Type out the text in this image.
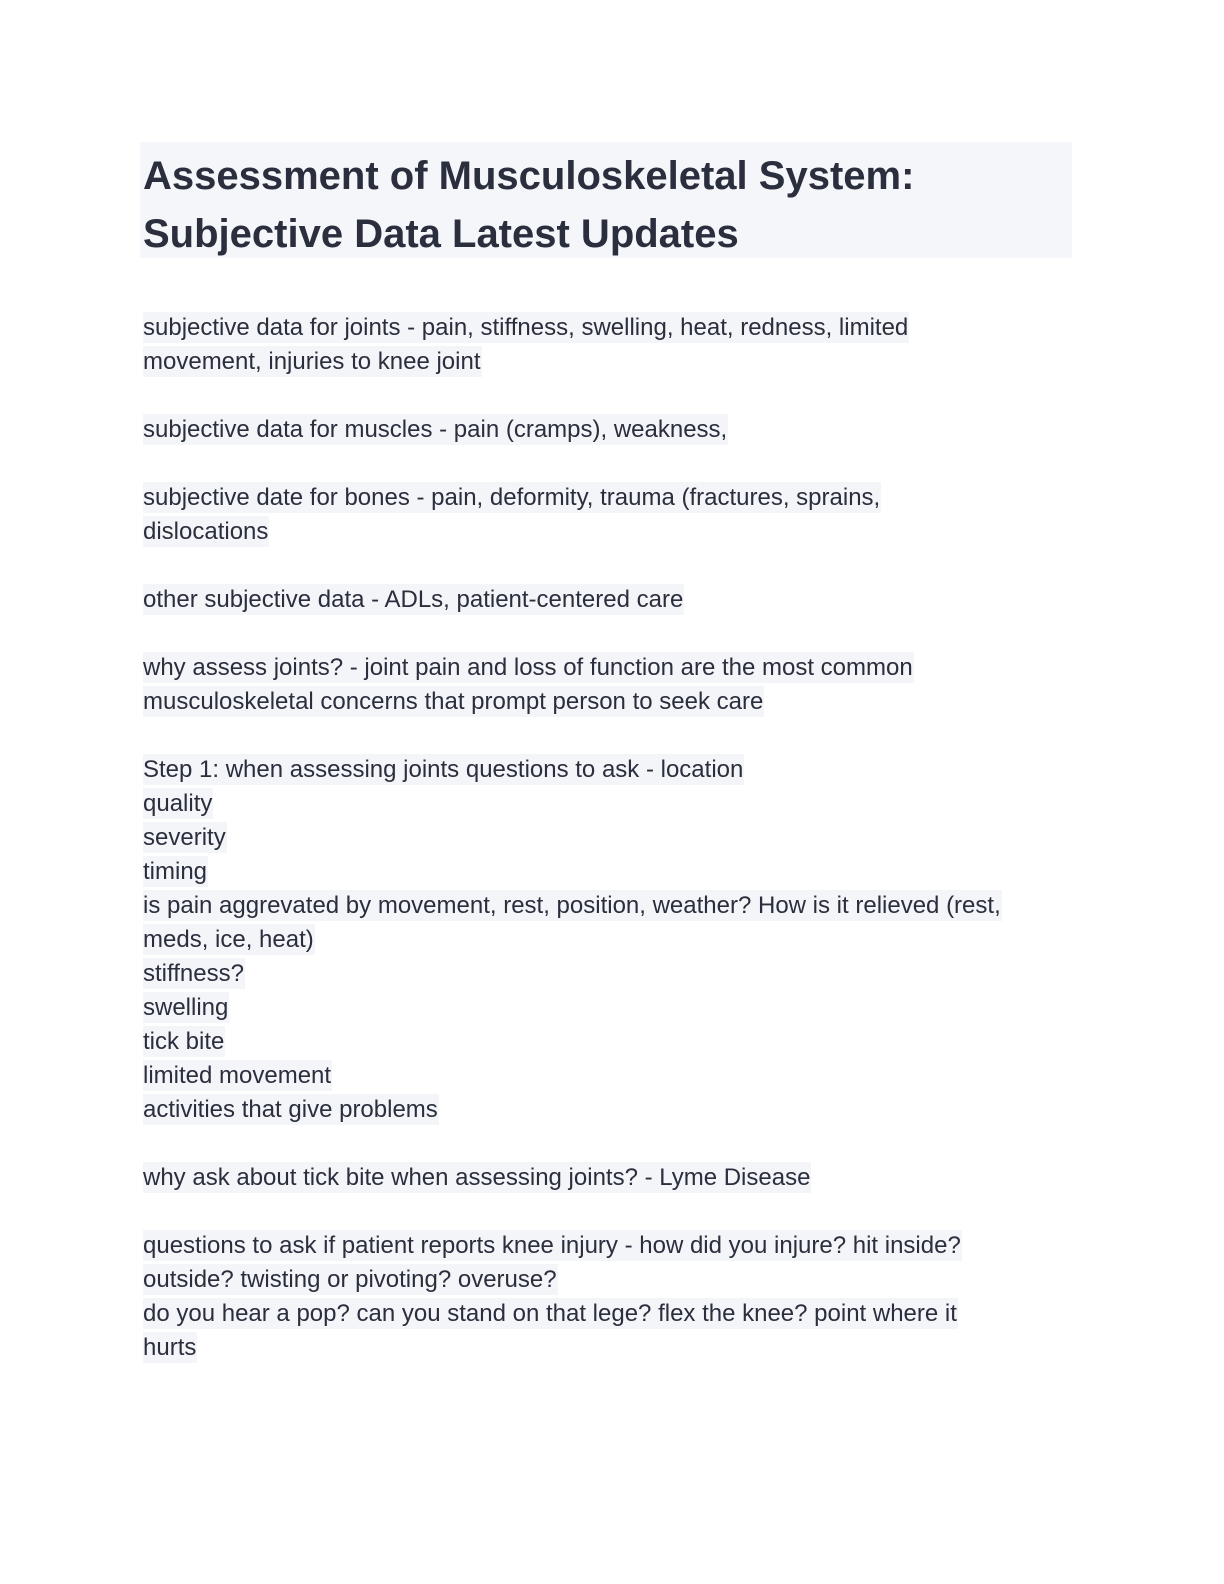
Assessment of Musculoskeletal System:
Subjective Data Latest Updates
subjective data for joints - pain, stiffness, swelling, heat, redness, limited
movement, injuries to knee joint
subjective data for muscles - pain (cramps), weakness,
subjective date for bones - pain, deformity, trauma (fractures, sprains,
dislocations
other subjective data - ADLs, patient-centered care
why assess joints? - joint pain and loss of function are the most common
musculoskeletal concerns that prompt person to seek care
Step 1: when assessing joints questions to ask - location
quality
severity
timing
is pain aggrevated by movement, rest, position, weather? How is it relieved (rest,
meds, ice, heat)
stiffness?
swelling
tick bite
limited movement
activities that give problems
why ask about tick bite when assessing joints? - Lyme Disease
questions to ask if patient reports knee injury - how did you injure? hit inside?
outside? twisting or pivoting? overuse?
do you hear a pop? can you stand on that lege? flex the knee? point where it
hurts
